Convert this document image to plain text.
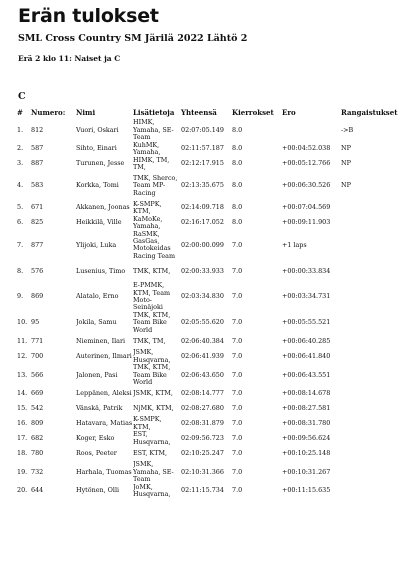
Erän tulokset
SML Cross Country SM Järilä 2022 Lähtö 2
Erä 2 klo 11: Naiset ja C
C
#	Numero:	Nimi	Lisätietoja	Yhteensä	Kierrokset	Ero	Rangaistukset
1.	812	Vuori, Oskari	HIMK, Yamaha, SE-Team	02:07:05.149	8.0		->B
2.	587	Sihto, Einari	KuhMK, Yamaha,	02:11:57.187	8.0	+00:04:52.038	NP
3.	887	Turunen, Jesse	HIMK, TM, TM,	02:12:17.915	8.0	+00:05:12.766	NP
4.	583	Korkka, Tomi	TMK, Sherco, Team MP-Racing	02:13:35.675	8.0	+00:06:30.526	NP
5.	671	Akkanen, Joonas	K-SMPK, KTM,	02:14:09.718	8.0	+00:07:04.569	
6.	825	Heikkilä, Ville	KaMoKe, Yamaha,	02:16:17.052	8.0	+00:09:11.903	
7.	877	Ylijoki, Luka	RaSMK, GasGas, Motokeidas Racing Team	02:00:00.099	7.0	+1 laps	
8.	576	Lusenius, Timo	TMK, KTM,	02:00:33.933	7.0	+00:00:33.834	
9.	869	Alatalo, Erno	E-PMMK, KTM, Team Moto-Seinäjoki	02:03:34.830	7.0	+00:03:34.731	
10.	95	Jokila, Samu	TMK, KTM, Team Bike World	02:05:55.620	7.0	+00:05:55.521	
11.	771	Nieminen, Ilari	TMK, TM,	02:06:40.384	7.0	+00:06:40.285	
12.	700	Auterinen, Ilmari	JSMK, Husqvarna,	02:06:41.939	7.0	+00:06:41.840	
13.	566	Jalonen, Pasi	TMK, KTM, Team Bike World	02:06:43.650	7.0	+00:06:43.551	
14.	669	Leppänen, Aleksi	JSMK, KTM,	02:08:14.777	7.0	+00:08:14.678	
15.	542	Vänskä, Patrik	NjMK, KTM,	02:08:27.680	7.0	+00:08:27.581	
16.	809	Hatavara, Matias	K-SMPK, KTM,	02:08:31.879	7.0	+00:08:31.780	
17.	682	Koger, Esko	EST, Husqvarna,	02:09:56.723	7.0	+00:09:56.624	
18.	780	Roos, Peeter	EST, KTM,	02:10:25.247	7.0	+00:10:25.148	
19.	732	Harhala, Tuomas	JSMK, Yamaha, SE-Team	02:10:31.366	7.0	+00:10:31.267	
20.	644	Hytönen, Olli	JoMK, Husqvarna,	02:11:15.734	7.0	+00:11:15.635	
